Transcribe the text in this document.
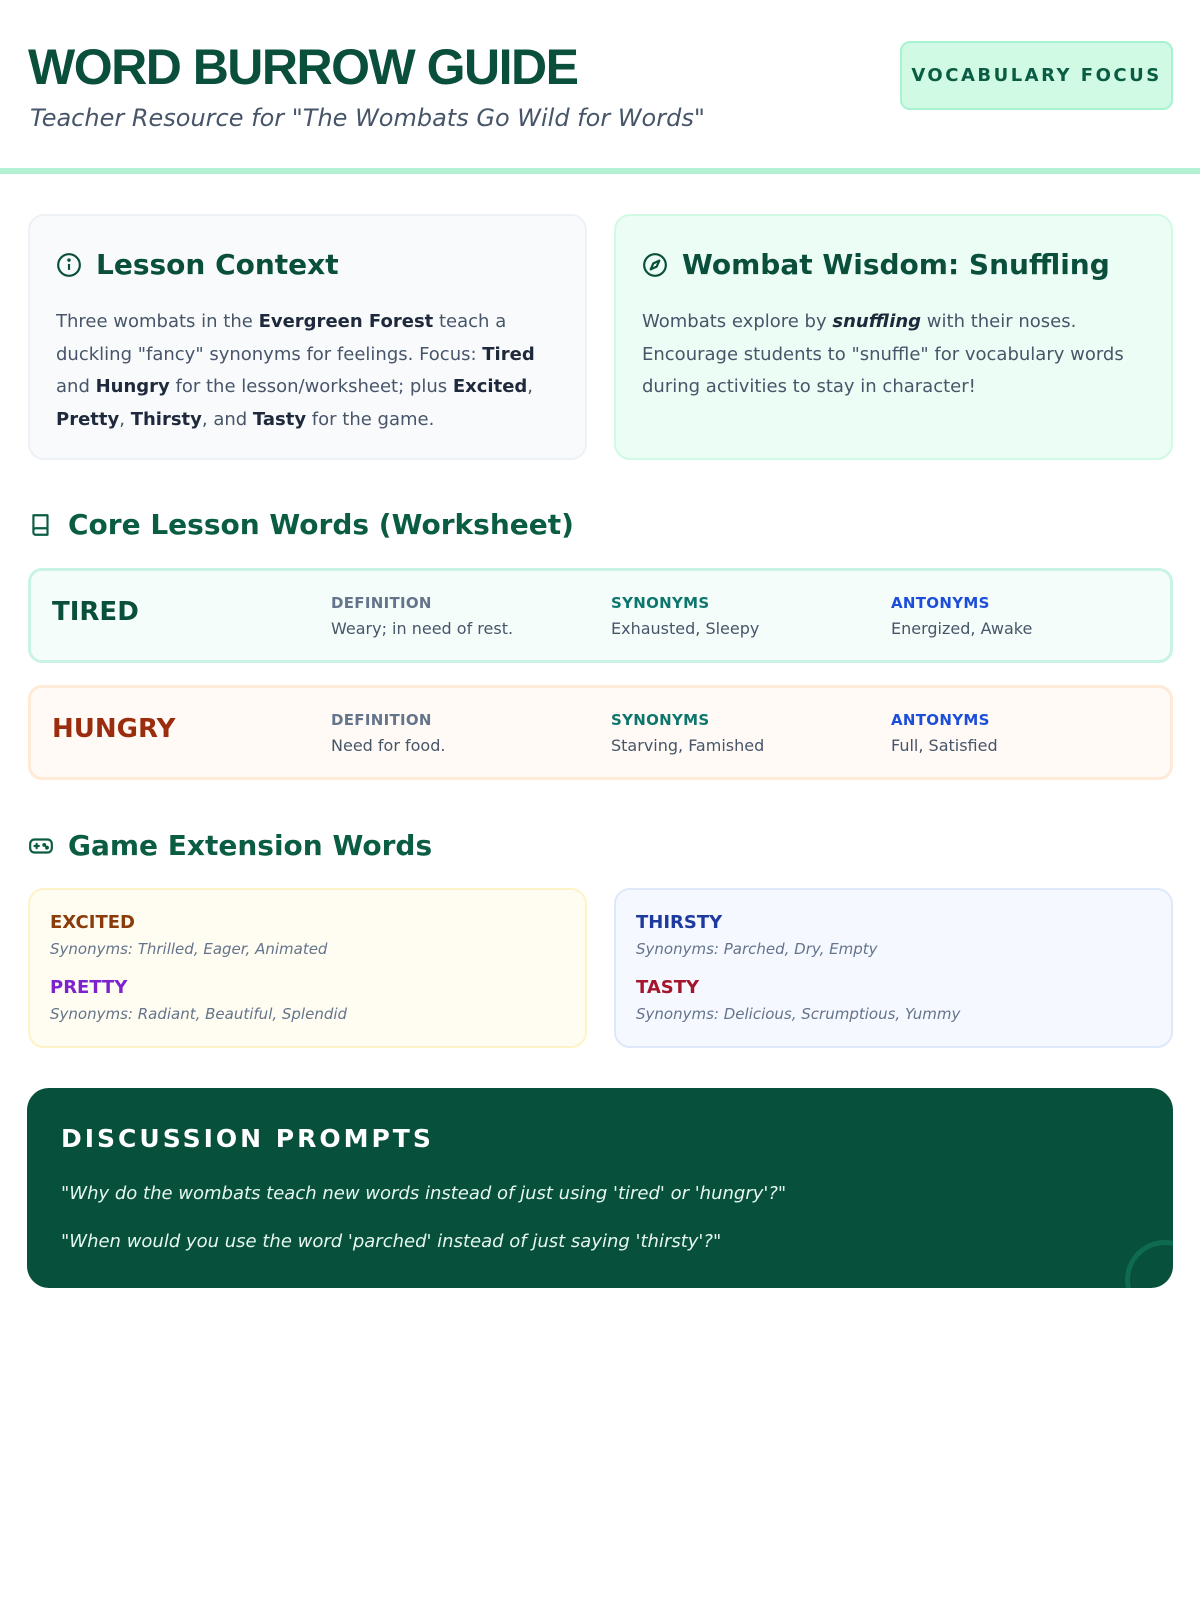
WORD BURROW GUIDE
Teacher Resource for "The Wombats Go Wild for Words"
VOCABULARY FOCUS
Lesson Context
Three wombats in the Evergreen Forest teach a duckling "fancy" synonyms for feelings. Focus: Tired and Hungry for the lesson/worksheet; plus Excited, Pretty, Thirsty, and Tasty for the game.
Wombat Wisdom: Snuffling
Wombats explore by snuffling with their noses. Encourage students to "snuffle" for vocabulary words during activities to stay in character!
Core Lesson Words (Worksheet)
TIRED	DEFINITION
Weary; in need of rest.
SYNONYMS
Exhausted, Sleepy
ANTONYMS
Energized, Awake
HUNGRY	DEFINITION
Need for food.
SYNONYMS
Starving, Famished
ANTONYMS
Full, Satisfied
Game Extension Words
EXCITED
Synonyms: Thrilled, Eager, Animated
PRETTY
Synonyms: Radiant, Beautiful, Splendid
THIRSTY
Synonyms: Parched, Dry, Empty
TASTY
Synonyms: Delicious, Scrumptious, Yummy
DISCUSSION PROMPTS
"Why do the wombats teach new words instead of just using 'tired' or 'hungry'?"
"When would you use the word 'parched' instead of just saying 'thirsty'?"
